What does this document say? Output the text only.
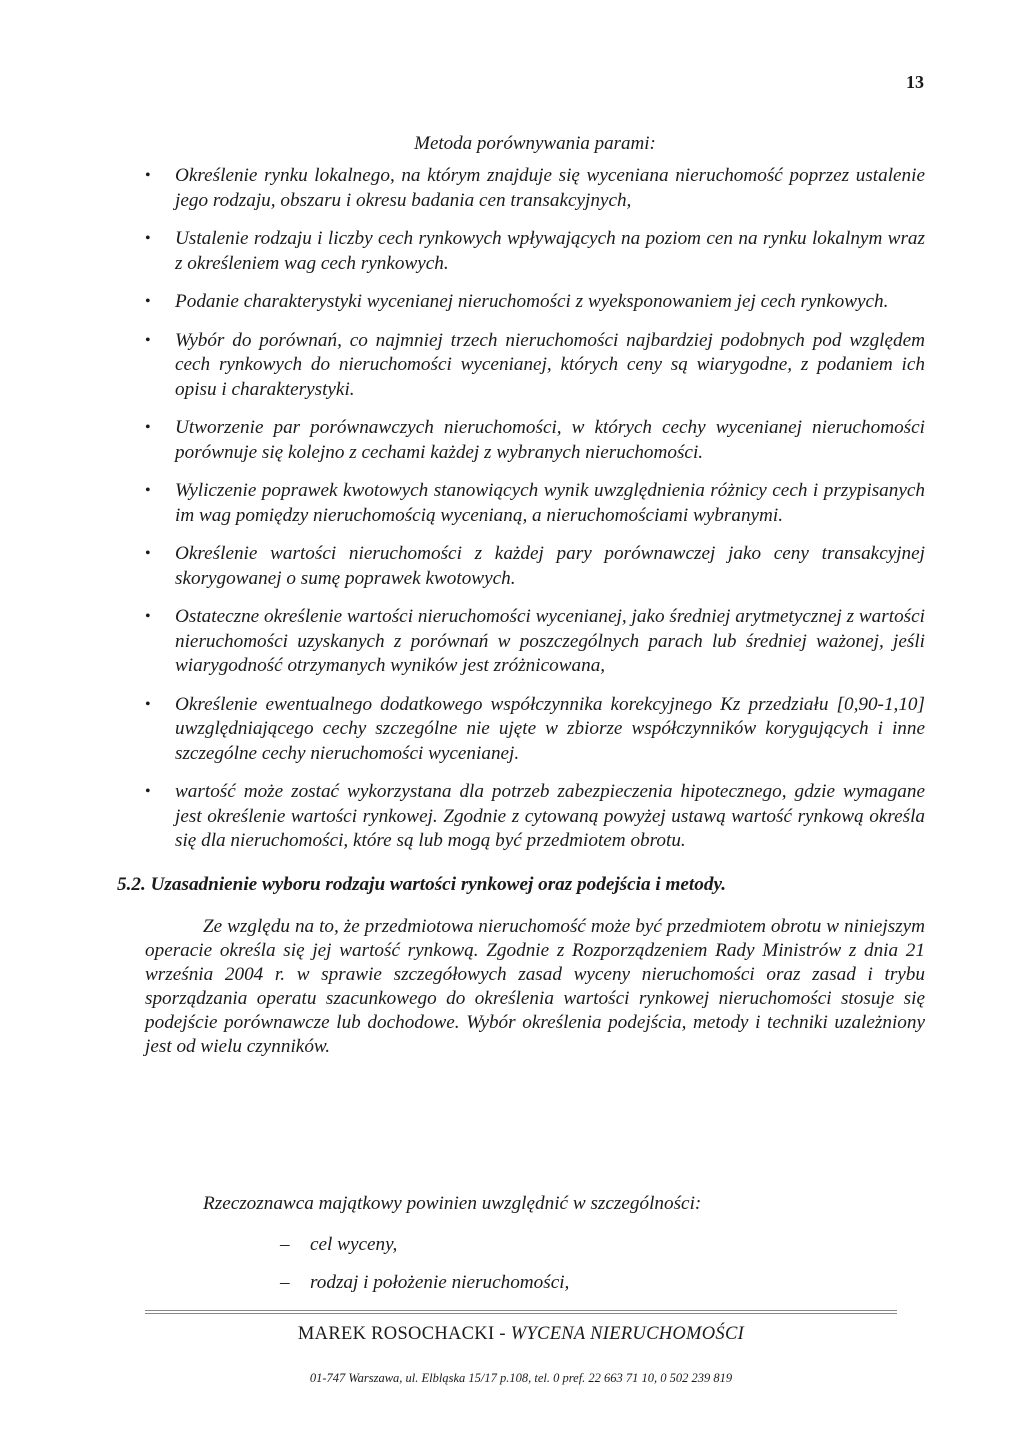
13
Metoda porównywania parami:
• Określenie rynku lokalnego, na którym znajduje się wyceniana nieruchomość poprzez ustalenie jego rodzaju, obszaru i okresu badania cen transakcyjnych,
• Ustalenie rodzaju i liczby cech rynkowych wpływających na poziom cen na rynku lokalnym wraz z określeniem wag cech rynkowych.
• Podanie charakterystyki wycenianej nieruchomości z wyeksponowaniem jej cech rynkowych.
• Wybór do porównań, co najmniej trzech nieruchomości najbardziej podobnych pod względem cech rynkowych do nieruchomości wycenianej, których ceny są wiarygodne, z podaniem ich opisu i charakterystyki.
• Utworzenie par porównawczych nieruchomości, w których cechy wycenianej nieruchomości porównuje się kolejno z cechami każdej z wybranych nieruchomości.
• Wyliczenie poprawek kwotowych stanowiących wynik uwzględnienia różnicy cech i przypisanych im wag pomiędzy nieruchomością wycenianą, a nieruchomościami wybranymi.
• Określenie wartości nieruchomości z każdej pary porównawczej jako ceny transakcyjnej skorygowanej o sumę poprawek kwotowych.
• Ostateczne określenie wartości nieruchomości wycenianej, jako średniej arytmetycznej z wartości nieruchomości uzyskanych z porównań w poszczególnych parach lub średniej ważonej, jeśli wiarygodność otrzymanych wyników jest zróżnicowana,
• Określenie ewentualnego dodatkowego współczynnika korekcyjnego Kz przedziału [0,90-1,10] uwzględniającego cechy szczególne nie ujęte w zbiorze współczynników korygujących i inne szczególne cechy nieruchomości wycenianej.
• wartość może zostać wykorzystana dla potrzeb zabezpieczenia hipotecznego, gdzie wymagane jest określenie wartości rynkowej. Zgodnie z cytowaną powyżej ustawą wartość rynkową określa się dla nieruchomości, które są lub mogą być przedmiotem obrotu.
5.2. Uzasadnienie wyboru rodzaju wartości rynkowej oraz podejścia i metody.

Ze względu na to, że przedmiotowa nieruchomość może być przedmiotem obrotu w niniejszym operacie określa się jej wartość rynkową. Zgodnie z Rozporządzeniem Rady Ministrów z dnia 21 września 2004 r. w sprawie szczegółowych zasad wyceny nieruchomości oraz zasad i trybu sporządzania operatu szacunkowego do określenia wartości rynkowej nieruchomości stosuje się podejście porównawcze lub dochodowe. Wybór określenia podejścia, metody i techniki uzależniony jest od wielu czynników.

Rzeczoznawca majątkowy powinien uwzględnić w szczególności:

– cel wyceny,
– rodzaj i położenie nieruchomości,
MAREK ROSOCHACKI - WYCENA NIERUCHOMOŚCI
01-747 Warszawa, ul. Elbląska 15/17 p.108, tel. 0 pref. 22 663 71 10, 0 502 239 819
